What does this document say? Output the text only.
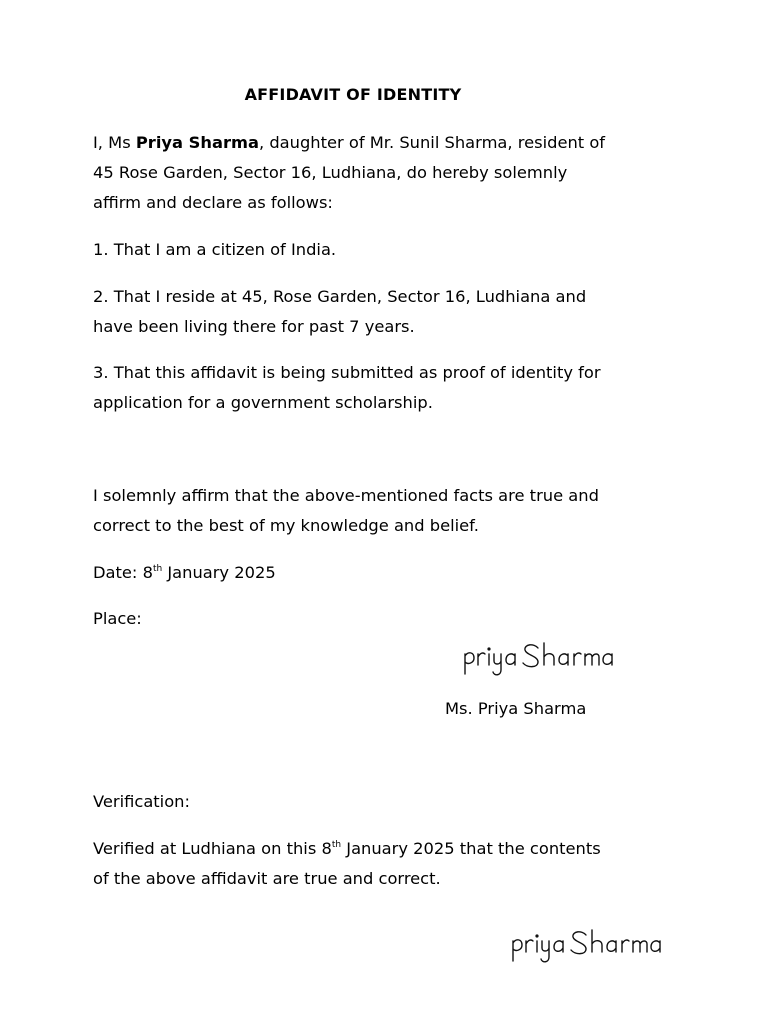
AFFIDAVIT OF IDENTITY
I, Ms Priya Sharma, daughter of Mr. Sunil Sharma, resident of
45 Rose Garden, Sector 16, Ludhiana, do hereby solemnly
affirm and declare as follows:
1. That I am a citizen of India.
2. That I reside at 45, Rose Garden, Sector 16, Ludhiana and
have been living there for past 7 years.
3. That this affidavit is being submitted as proof of identity for
application for a government scholarship.
I solemnly affirm that the above-mentioned facts are true and
correct to the best of my knowledge and belief.
Date: 8th January 2025
Place:
Ms. Priya Sharma
Verification:
Verified at Ludhiana on this 8th January 2025 that the contents
of the above affidavit are true and correct.
